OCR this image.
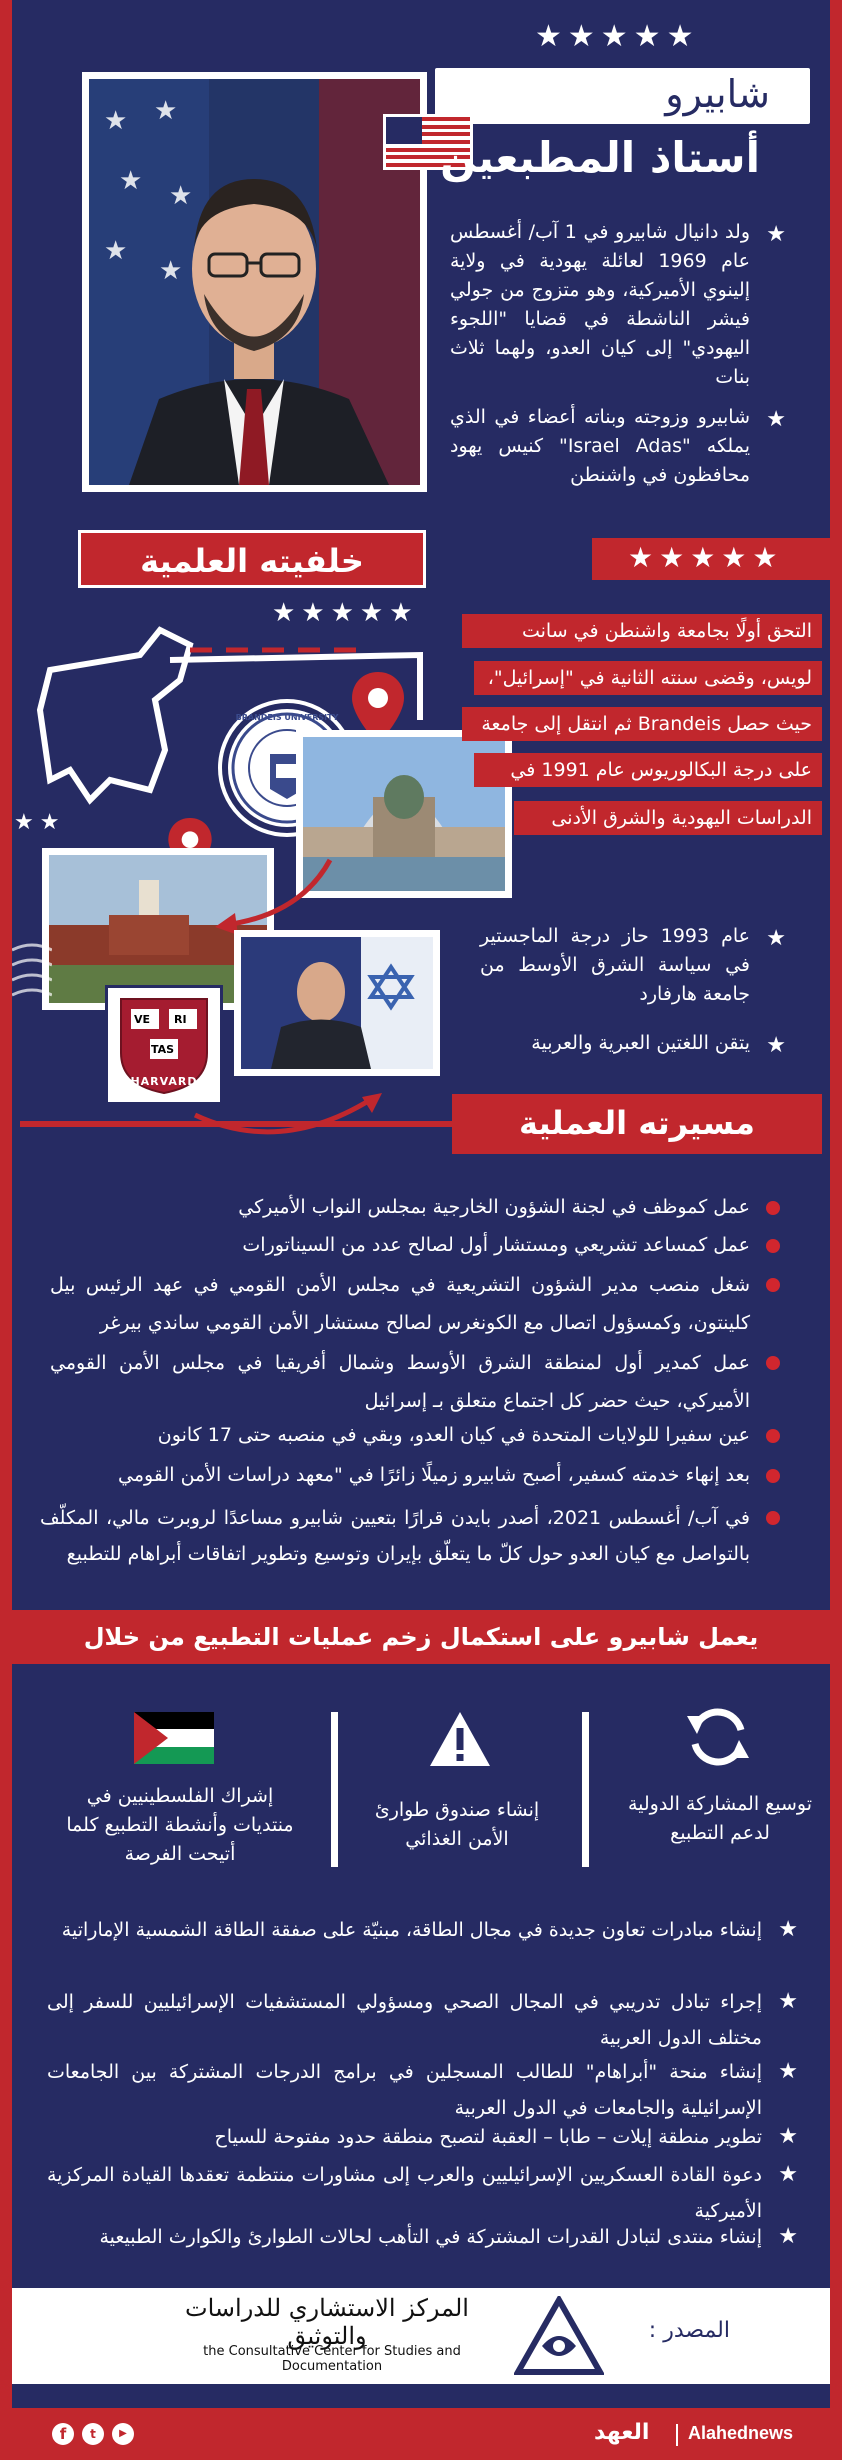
★★★★★
★ ★
★ ★
★
★
شابيرو
أستاذ المطبعين
★
ولد دانيال شابيرو في 1 آب/ أغسطس عام 1969 لعائلة يهودية في ولاية إلينوي الأميركية، وهو متزوج من جولي فيشر الناشطة في قضايا "اللجوء اليهودي" إلى كيان العدو، ولهما ثلاث بنات
★
شابيرو وزوجته وبناته أعضاء في الذي يملكه "Israel Adas" كنيس يهود محافظون في واشنطن
خلفيته العلمية	★★★★★
★★★★★
★★
BRANDEIS UNIVERSITY
VE RI
TAS
HARVARD
التحق أولًا بجامعة واشنطن في سانت
لويس، وقضى سنته الثانية في "إسرائيل"،
حيث حصل Brandeis ثم انتقل إلى جامعة
على درجة البكالوريوس عام 1991 في
الدراسات اليهودية والشرق الأدنى
★
عام 1993 حاز درجة الماجستير في سياسة الشرق الأوسط من جامعة هارفارد
★
يتقن اللغتين العبرية والعربية
مسيرته العملية
عمل كموظف في لجنة الشؤون الخارجية بمجلس النواب الأميركي
عمل كمساعد تشريعي ومستشار أول لصالح عدد من السيناتورات
شغل منصب مدير الشؤون التشريعية في مجلس الأمن القومي في عهد الرئيس بيل كلينتون، وكمسؤول اتصال مع الكونغرس لصالح مستشار الأمن القومي ساندي بيرغر
عمل كمدير أول لمنطقة الشرق الأوسط وشمال أفريقيا في مجلس الأمن القومي الأميركي، حيث حضر كل اجتماع متعلق بـ إسرائيل
عين سفيرا للولايات المتحدة في كيان العدو، وبقي في منصبه حتى 17 كانون
بعد إنهاء خدمته كسفير، أصبح شابيرو زميلًا زائرًا في "معهد دراسات الأمن القومي
في آب/ أغسطس 2021، أصدر بايدن قرارًا بتعيين شابيرو مساعدًا لروبرت مالي، المكلّف بالتواصل مع كيان العدو حول كلّ ما يتعلّق بإيران وتوسيع وتطوير اتفاقات أبراهام للتطبيع
يعمل شابيرو على استكمال زخم عمليات التطبيع من خلال
توسيع المشاركة الدولية لدعم التطبيع
إنشاء صندوق طوارئ الأمن الغذائي
إشراك الفلسطينيين في منتديات وأنشطة التطبيع كلما أتيحت الفرصة
★
إنشاء مبادرات تعاون جديدة في مجال الطاقة، مبنيّة على صفقة الطاقة الشمسية الإماراتية
★
إجراء تبادل تدريبي في المجال الصحي ومسؤولي المستشفيات الإسرائيليين للسفر إلى مختلف الدول العربية
★
إنشاء منحة "أبراهام" للطالب المسجلين في برامج الدرجات المشتركة بين الجامعات الإسرائيلية والجامعات في الدول العربية
★
تطوير منطقة إيلات – طابا – العقبة لتصبح منطقة حدود مفتوحة للسياح
★
دعوة القادة العسكريين الإسرائيليين والعرب إلى مشاورات منتظمة تعقدها القيادة المركزية الأميركية
★
إنشاء منتدى لتبادل القدرات المشتركة في التأهب لحالات الطوارئ والكوارث الطبيعية
المصدر :
المركز الاستشاري للدراسات والتوثيق
the Consultative Center for Studies and Documentation
f	t	▶	العهد Alahednews
